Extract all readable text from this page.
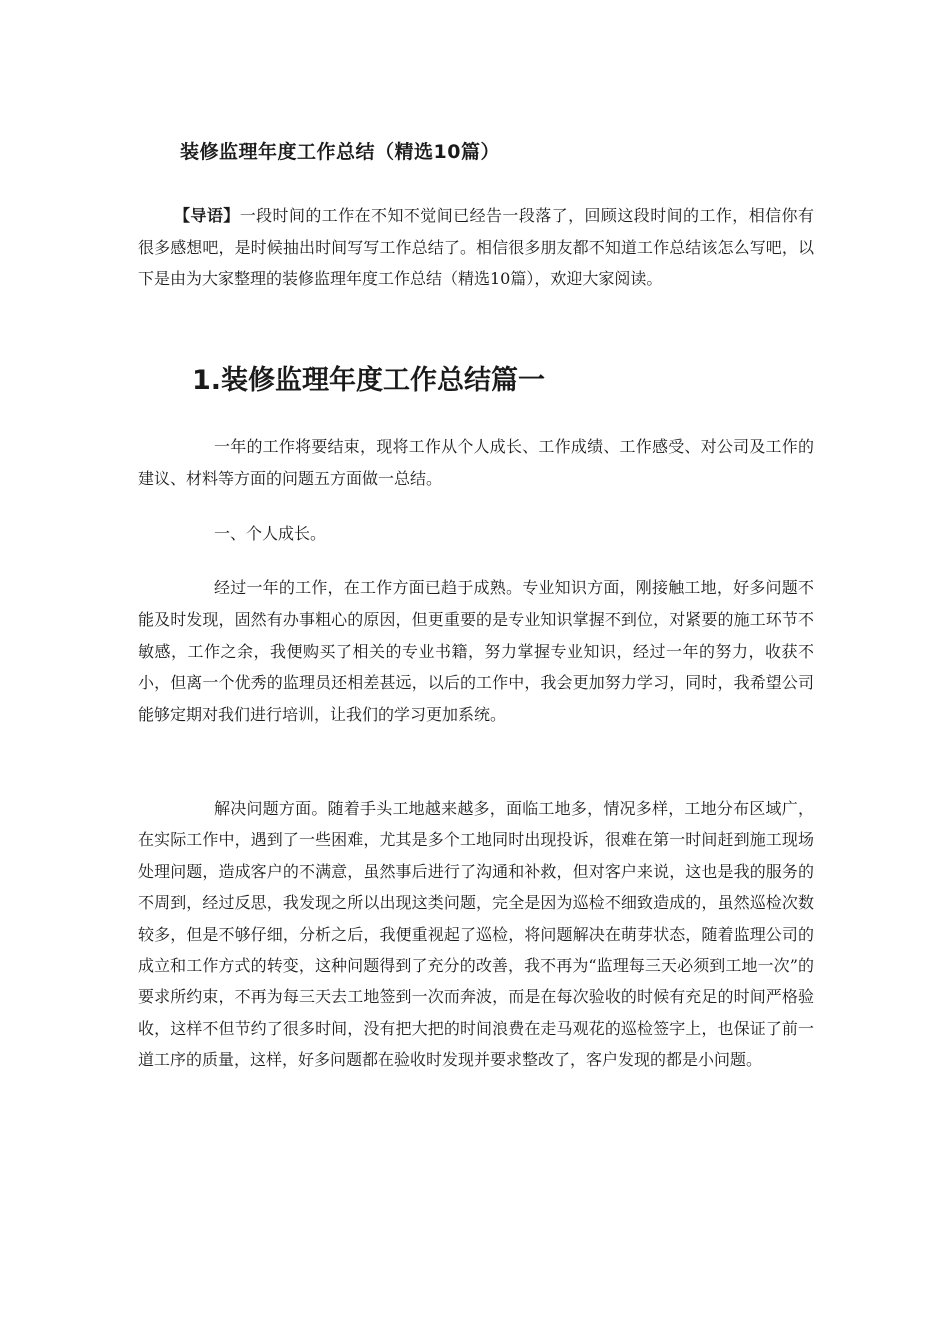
装修监理年度工作总结（精选10篇）

【导语】一段时间的工作在不知不觉间已经告一段落了，回顾这段时间的工作，相信你有很多感想吧，是时候抽出时间写写工作总结了。相信很多朋友都不知道工作总结该怎么写吧，以下是由为大家整理的装修监理年度工作总结（精选10篇），欢迎大家阅读。

1.装修监理年度工作总结篇一

一年的工作将要结束，现将工作从个人成长、工作成绩、工作感受、对公司及工作的建议、材料等方面的问题五方面做一总结。

一、个人成长。

经过一年的工作，在工作方面已趋于成熟。专业知识方面，刚接触工地，好多问题不能及时发现，固然有办事粗心的原因，但更重要的是专业知识掌握不到位，对紧要的施工环节不敏感，工作之余，我便购买了相关的专业书籍，努力掌握专业知识，经过一年的努力，收获不小，但离一个优秀的监理员还相差甚远，以后的工作中，我会更加努力学习，同时，我希望公司能够定期对我们进行培训，让我们的学习更加系统。

解决问题方面。随着手头工地越来越多，面临工地多，情况多样，工地分布区域广，在实际工作中，遇到了一些困难，尤其是多个工地同时出现投诉，很难在第一时间赶到施工现场处理问题，造成客户的不满意，虽然事后进行了沟通和补救，但对客户来说，这也是我的服务的不周到，经过反思，我发现之所以出现这类问题，完全是因为巡检不细致造成的，虽然巡检次数较多，但是不够仔细，分析之后，我便重视起了巡检，将问题解决在萌芽状态，随着监理公司的成立和工作方式的转变，这种问题得到了充分的改善，我不再为“监理每三天必须到工地一次”的要求所约束，不再为每三天去工地签到一次而奔波，而是在每次验收的时候有充足的时间严格验收，这样不但节约了很多时间，没有把大把的时间浪费在走马观花的巡检签字上，也保证了前一道工序的质量，这样，好多问题都在验收时发现并要求整改了，客户发现的都是小问题。
